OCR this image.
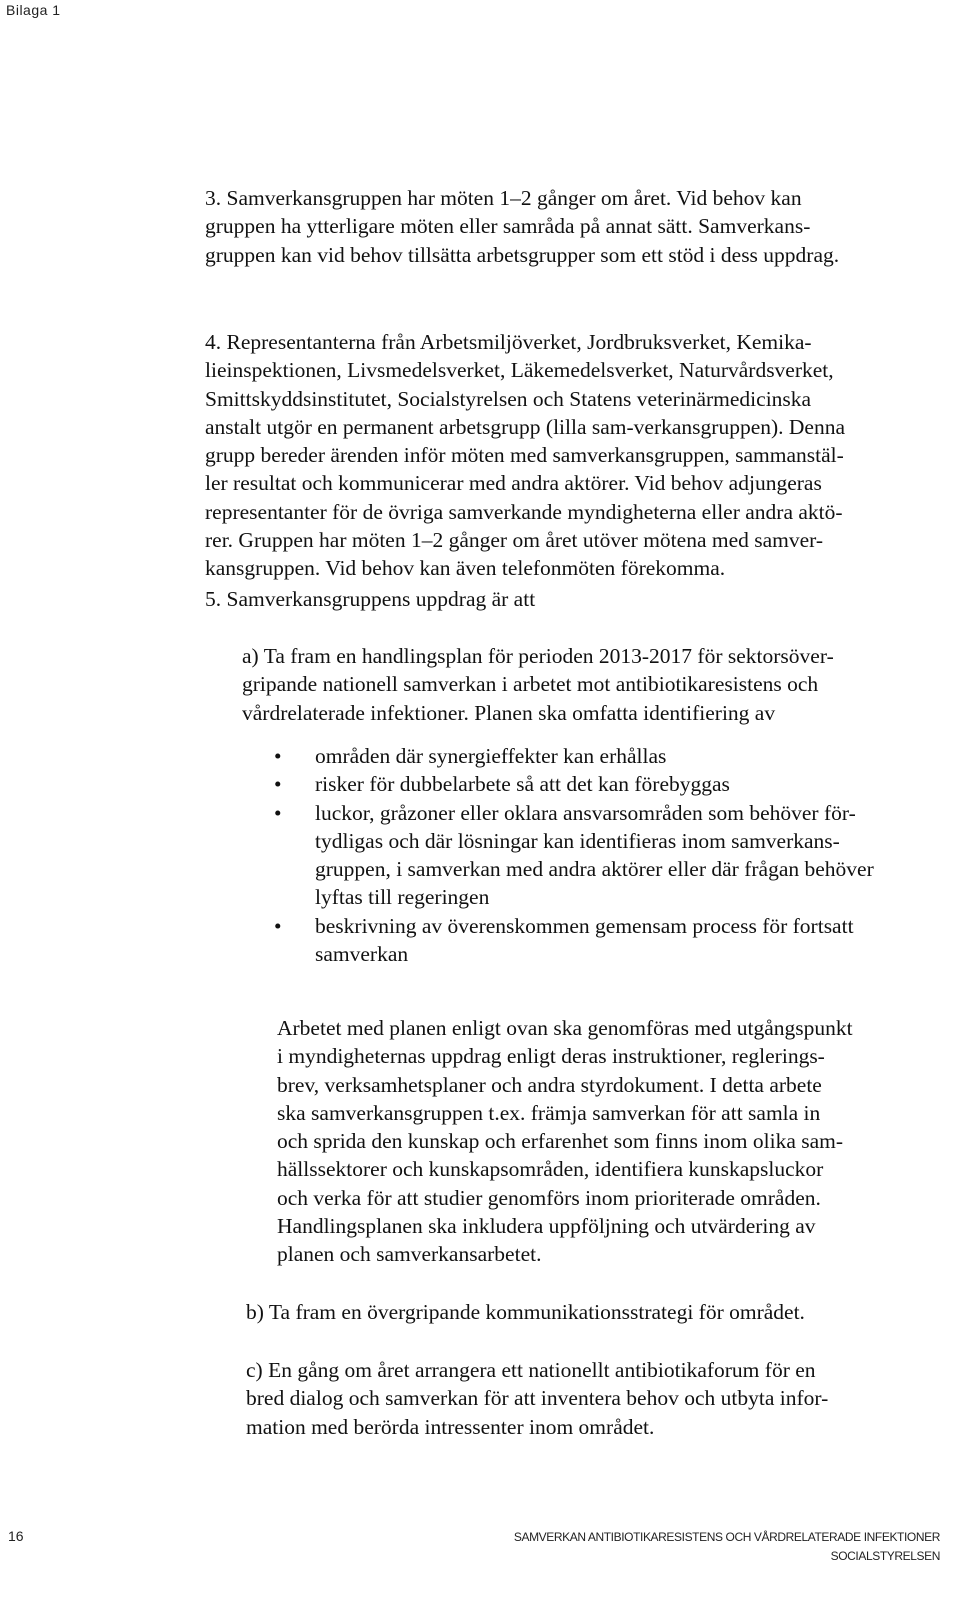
Bilaga 1

3. Samverkansgruppen har möten 1–2 gånger om året. Vid behov kan
gruppen ha ytterligare möten eller samråda på annat sätt. Samverkans-
gruppen kan vid behov tillsätta arbetsgrupper som ett stöd i dess uppdrag.

4. Representanterna från Arbetsmiljöverket, Jordbruksverket, Kemika-
lieinspektionen, Livsmedelsverket, Läkemedelsverket, Naturvårdsverket,
Smittskyddsinstitutet, Socialstyrelsen och Statens veterinärmedicinska
anstalt utgör en permanent arbetsgrupp (lilla sam-verkansgruppen). Denna
grupp bereder ärenden inför möten med samverkansgruppen, sammanstäl-
ler resultat och kommunicerar med andra aktörer. Vid behov adjungeras
representanter för de övriga samverkande myndigheterna eller andra aktö-
rer. Gruppen har möten 1–2 gånger om året utöver mötena med samver-
kansgruppen. Vid behov kan även telefonmöten förekomma.

5. Samverkansgruppens uppdrag är att

a) Ta fram en handlingsplan för perioden 2013-2017 för sektorsöver-
gripande nationell samverkan i arbetet mot antibiotikaresistens och
vårdrelaterade infektioner. Planen ska omfatta identifiering av

• områden där synergieffekter kan erhållas
• risker för dubbelarbete så att det kan förebyggas
• luckor, gråzoner eller oklara ansvarsområden som behöver för-
tydligas och där lösningar kan identifieras inom samverkans-
gruppen, i samverkan med andra aktörer eller där frågan behöver
lyftas till regeringen
• beskrivning av överenskommen gemensam process för fortsatt
samverkan

Arbetet med planen enligt ovan ska genomföras med utgångspunkt
i myndigheternas uppdrag enligt deras instruktioner, reglerings-
brev, verksamhetsplaner och andra styrdokument. I detta arbete
ska samverkansgruppen t.ex. främja samverkan för att samla in
och sprida den kunskap och erfarenhet som finns inom olika sam-
hällssektorer och kunskapsområden, identifiera kunskapsluckor
och verka för att studier genomförs inom prioriterade områden.
Handlingsplanen ska inkludera uppföljning och utvärdering av
planen och samverkansarbetet.

b) Ta fram en övergripande kommunikationsstrategi för området.

c) En gång om året arrangera ett nationellt antibiotikaforum för en
bred dialog och samverkan för att inventera behov och utbyta infor-
mation med berörda intressenter inom området.

16	SAMVERKAN ANTIBIOTIKARESISTENS OCH VÅRDRELATERADE INFEKTIONER
SOCIALSTYRELSEN
